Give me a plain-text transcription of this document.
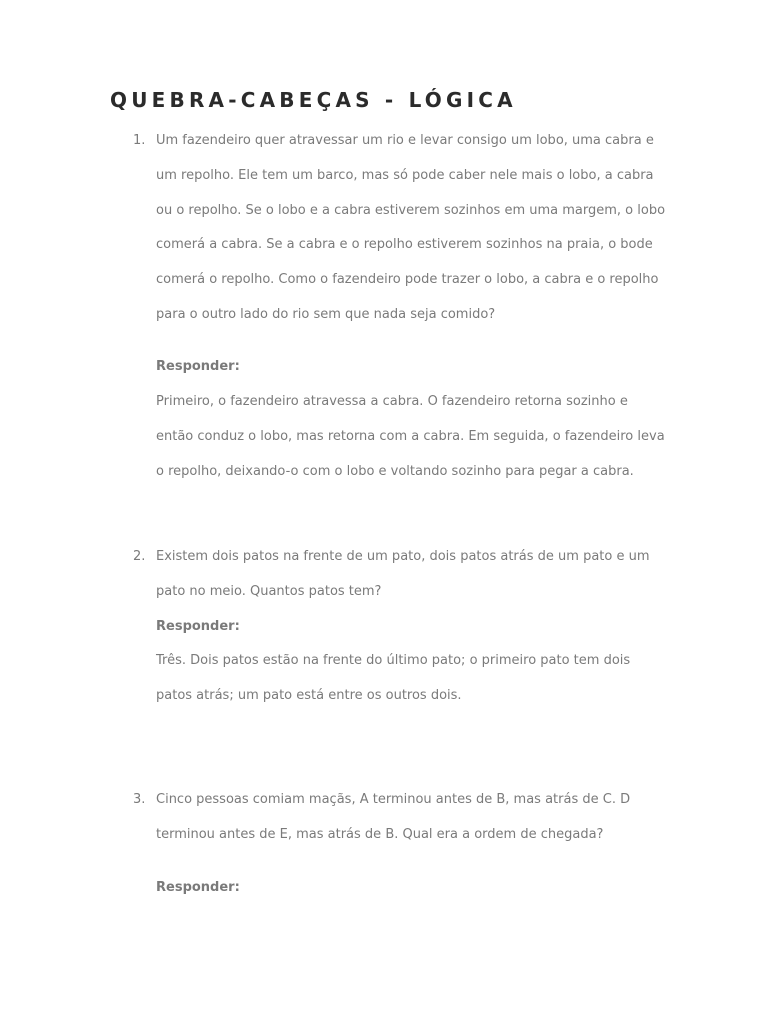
QUEBRA-CABEÇAS - LÓGICA
1. Um fazendeiro quer atravessar um rio e levar consigo um lobo, uma cabra e um repolho. Ele tem um barco, mas só pode caber nele mais o lobo, a cabra ou o repolho. Se o lobo e a cabra estiverem sozinhos em uma margem, o lobo comerá a cabra. Se a cabra e o repolho estiverem sozinhos na praia, o bode comerá o repolho. Como o fazendeiro pode trazer o lobo, a cabra e o repolho para o outro lado do rio sem que nada seja comido?

Responder:

Primeiro, o fazendeiro atravessa a cabra. O fazendeiro retorna sozinho e então conduz o lobo, mas retorna com a cabra. Em seguida, o fazendeiro leva o repolho, deixando-o com o lobo e voltando sozinho para pegar a cabra.

2. Existem dois patos na frente de um pato, dois patos atrás de um pato e um pato no meio. Quantos patos tem?

Responder:

Três. Dois patos estão na frente do último pato; o primeiro pato tem dois patos atrás; um pato está entre os outros dois.

3. Cinco pessoas comiam maçãs, A terminou antes de B, mas atrás de C. D terminou antes de E, mas atrás de B. Qual era a ordem de chegada?

Responder:
